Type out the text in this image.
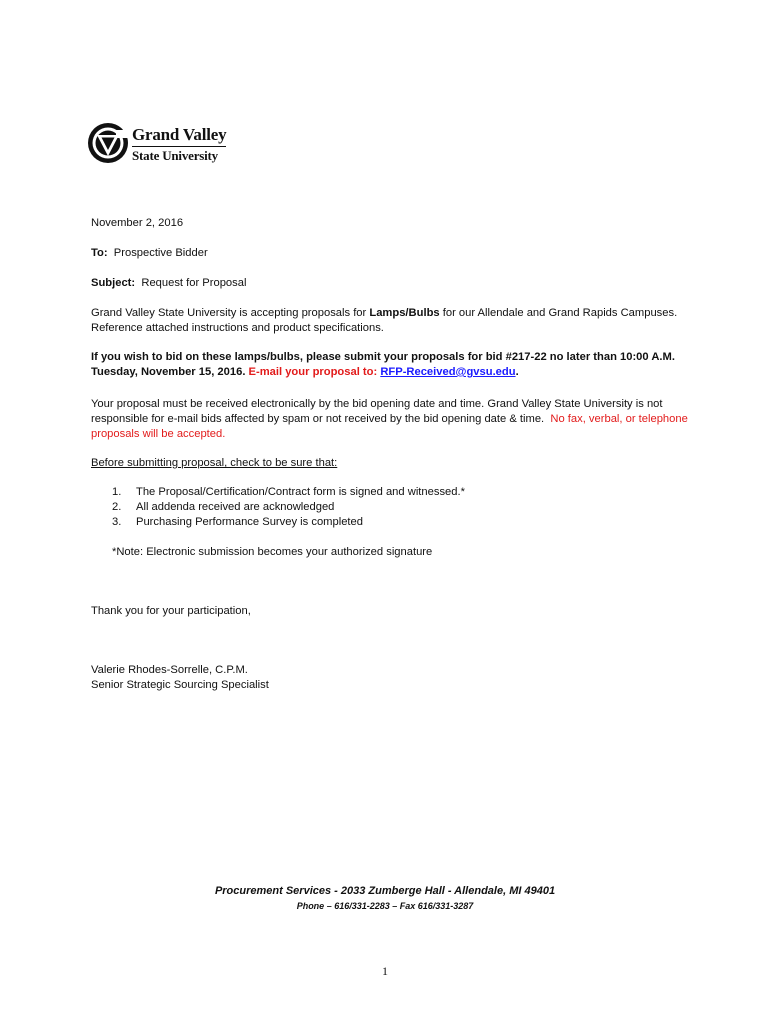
Grand Valley
State University
November 2, 2016
To: Prospective Bidder
Subject: Request for Proposal
Grand Valley State University is accepting proposals for Lamps/Bulbs for our Allendale and Grand Rapids Campuses.
Reference attached instructions and product specifications.
If you wish to bid on these lamps/bulbs, please submit your proposals for bid #217-22 no later than 10:00 A.M.
Tuesday, November 15, 2016. E-mail your proposal to: RFP-Received@gvsu.edu.
Your proposal must be received electronically by the bid opening date and time. Grand Valley State University is not
responsible for e-mail bids affected by spam or not received by the bid opening date & time. No fax, verbal, or telephone
proposals will be accepted.
Before submitting proposal, check to be sure that:
1. The Proposal/Certification/Contract form is signed and witnessed.*
2. All addenda received are acknowledged
3. Purchasing Performance Survey is completed
*Note: Electronic submission becomes your authorized signature
Thank you for your participation,
Valerie Rhodes-Sorrelle, C.P.M.
Senior Strategic Sourcing Specialist
Procurement Services - 2033 Zumberge Hall - Allendale, MI 49401
Phone – 616/331-2283 – Fax 616/331-3287
1
